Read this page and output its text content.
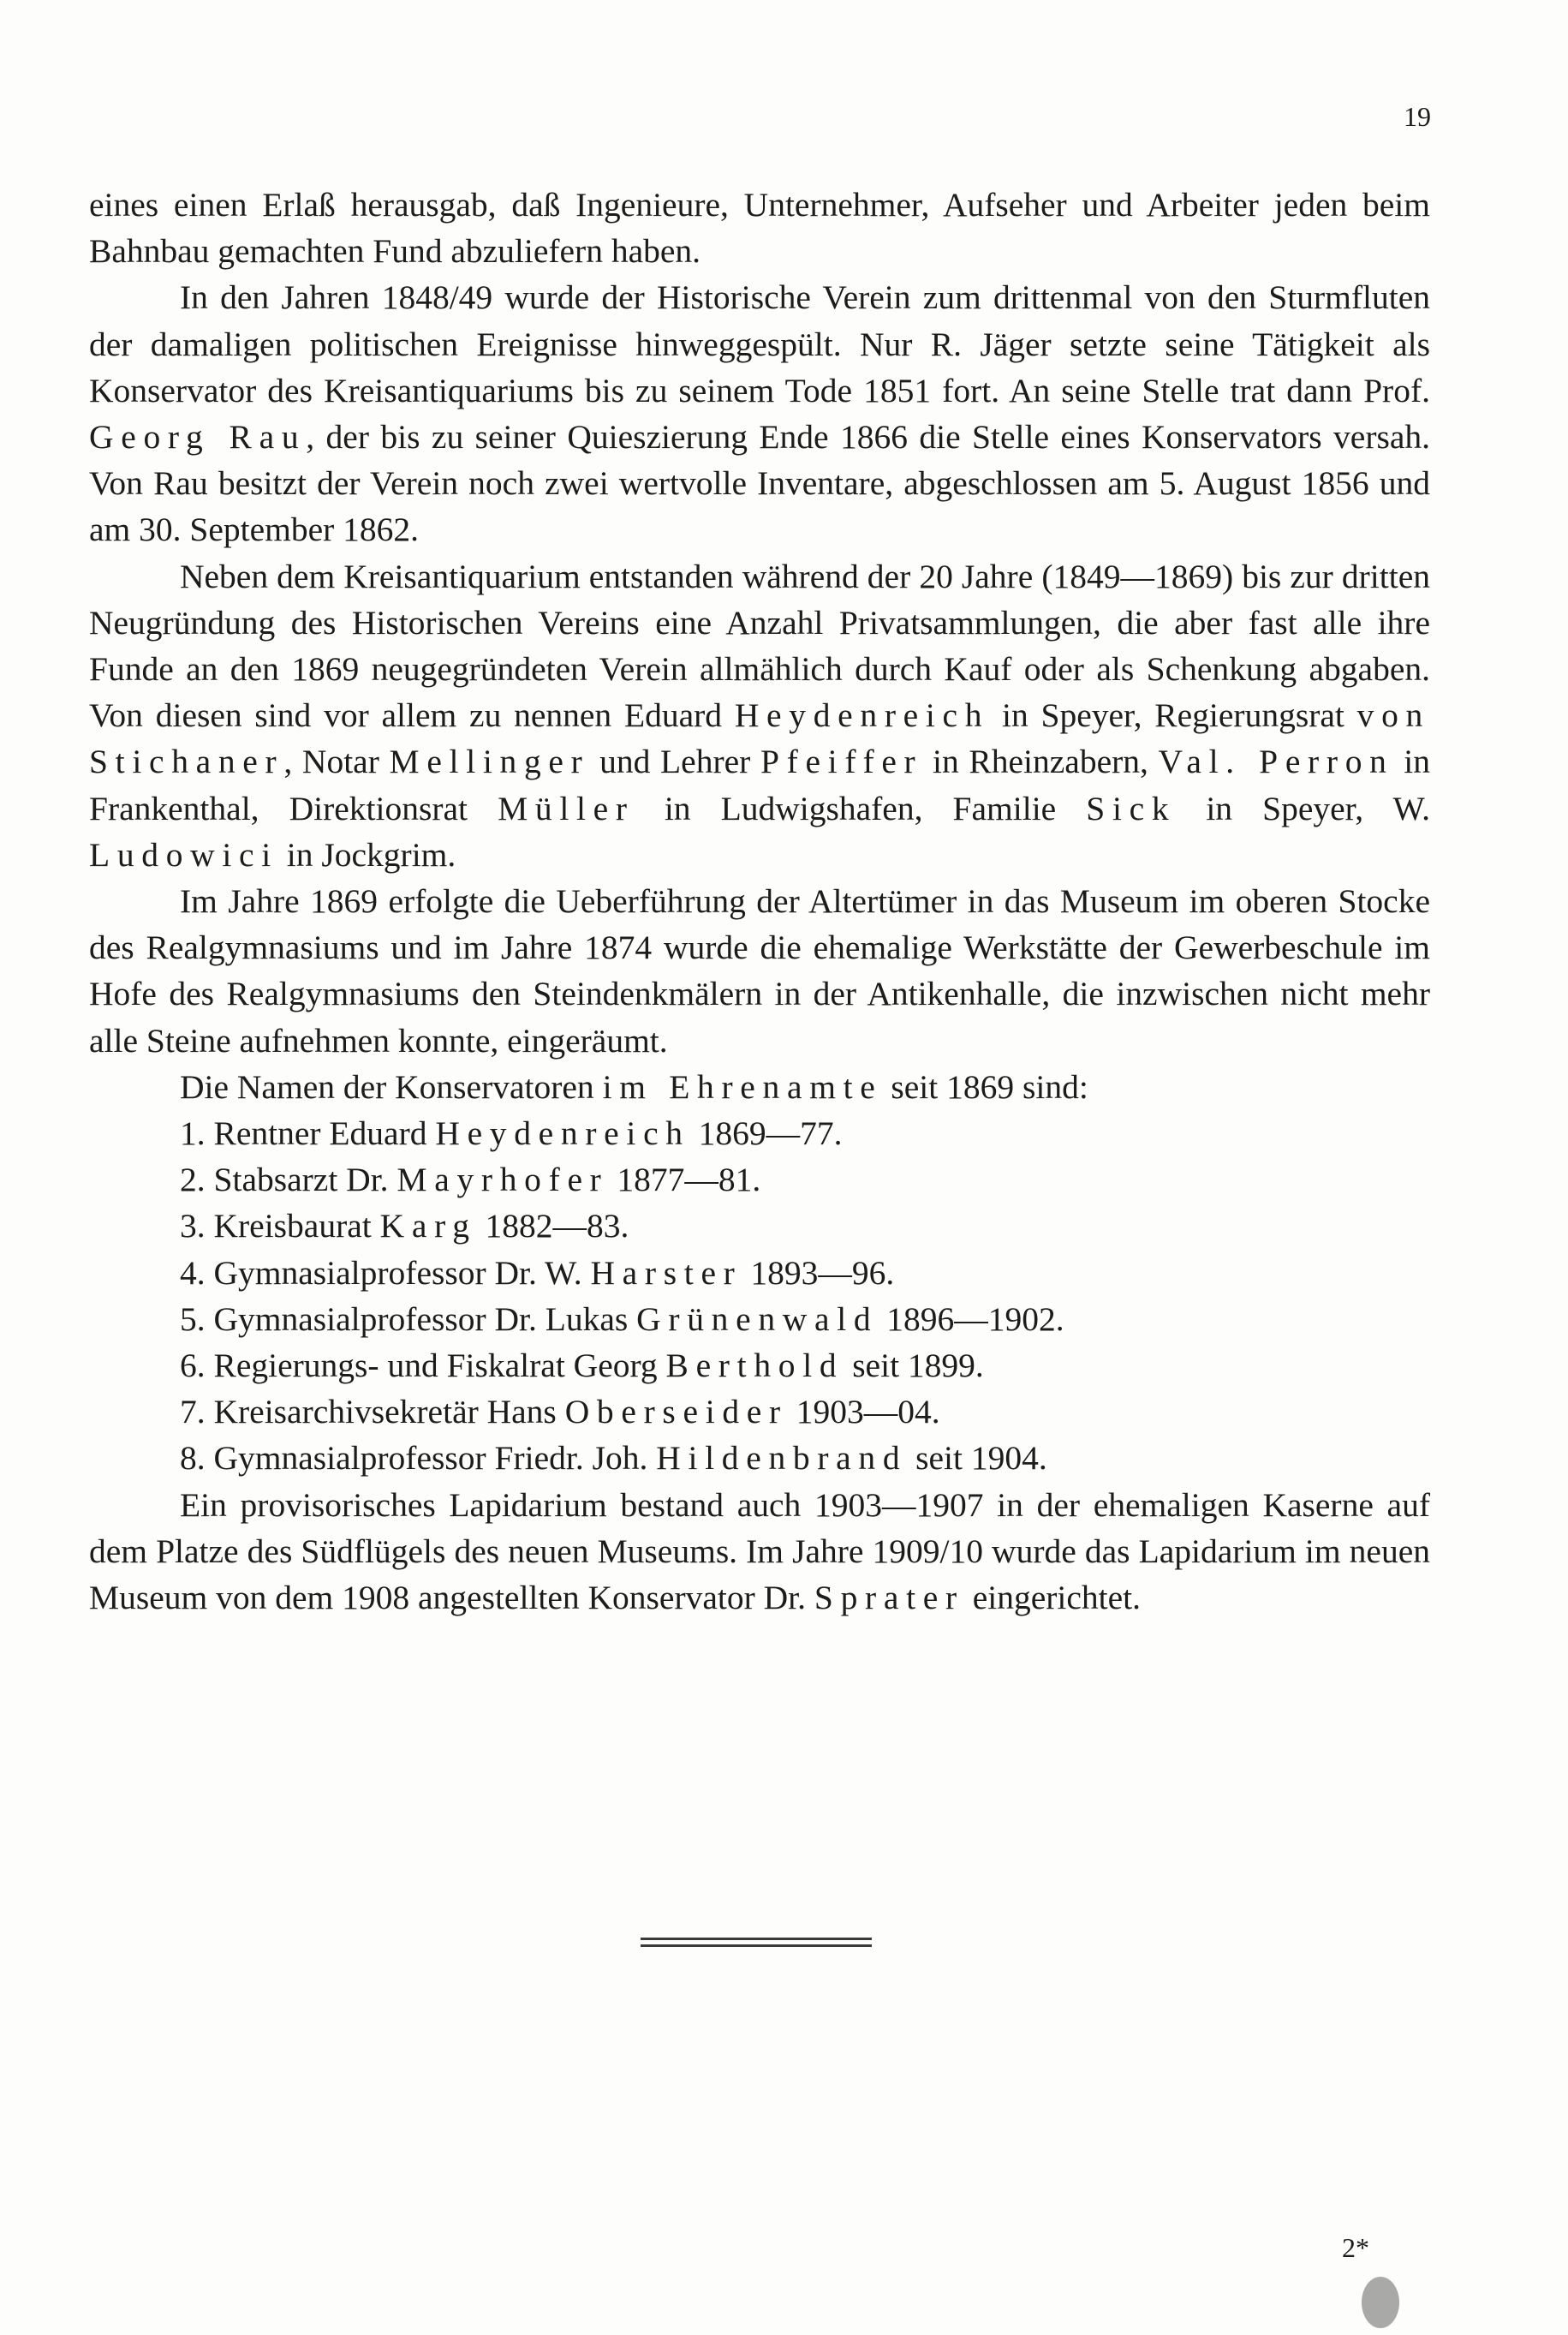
19

eines einen Erlaß herausgab, daß Ingenieure, Unternehmer, Aufseher und Arbeiter jeden beim Bahnbau gemachten Fund abzuliefern haben.

In den Jahren 1848/49 wurde der Historische Verein zum drittenmal von den Sturmfluten der damaligen politischen Ereignisse hinweggespült. Nur R. Jäger setzte seine Tätigkeit als Konservator des Kreisantiquariums bis zu seinem Tode 1851 fort. An seine Stelle trat dann Prof. Georg Rau, der bis zu seiner Quieszierung Ende 1866 die Stelle eines Konservators versah. Von Rau besitzt der Verein noch zwei wertvolle Inventare, abgeschlossen am 5. August 1856 und am 30. September 1862.

Neben dem Kreisantiquarium entstanden während der 20 Jahre (1849—1869) bis zur dritten Neugründung des Historischen Vereins eine Anzahl Privatsammlungen, die aber fast alle ihre Funde an den 1869 neugegründeten Verein allmählich durch Kauf oder als Schenkung abgaben. Von diesen sind vor allem zu nennen Eduard Heydenreich in Speyer, Regierungsrat von Stichaner, Notar Mellinger und Lehrer Pfeiffer in Rheinzabern, Val. Perron in Frankenthal, Direktionsrat Müller in Ludwigshafen, Familie Sick in Speyer, W. Ludowici in Jockgrim.

Im Jahre 1869 erfolgte die Ueberführung der Altertümer in das Museum im oberen Stocke des Realgymnasiums und im Jahre 1874 wurde die ehemalige Werkstätte der Gewerbeschule im Hofe des Realgymnasiums den Steindenkmälern in der Antikenhalle, die inzwischen nicht mehr alle Steine aufnehmen konnte, eingeräumt.

Die Namen der Konservatoren im Ehrenamte seit 1869 sind:

1. Rentner Eduard Heydenreich 1869—77.
2. Stabsarzt Dr. Mayrhofer 1877—81.
3. Kreisbaurat Karg 1882—83.
4. Gymnasialprofessor Dr. W. Harster 1893—96.
5. Gymnasialprofessor Dr. Lukas Grünenwald 1896—1902.
6. Regierungs- und Fiskalrat Georg Berthold seit 1899.
7. Kreisarchivsekretär Hans Oberseider 1903—04.
8. Gymnasialprofessor Friedr. Joh. Hildenbrand seit 1904.

Ein provisorisches Lapidarium bestand auch 1903—1907 in der ehemaligen Kaserne auf dem Platze des Südflügels des neuen Museums. Im Jahre 1909/10 wurde das Lapidarium im neuen Museum von dem 1908 angestellten Konservator Dr. Sprater eingerichtet.

2*
